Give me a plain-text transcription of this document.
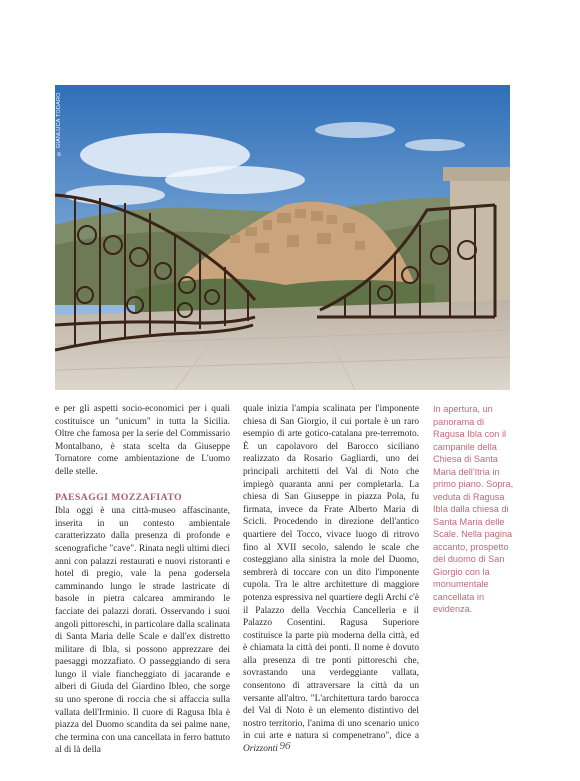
© GIANLUCA TODARO

e per gli aspetti socio-economici per i quali costituisce un "unicum" in tutta la Sicilia. Oltre che famosa per la serie del Commissario Montalbano, è stata scelta da Giuseppe Tornatore come ambientazione de L'uomo delle stelle.

PAESAGGI MOZZAFIATO

Ibla oggi è una città-museo affascinante, inserita in un contesto ambientale caratterizzato dalla presenza di profonde e scenografiche "cave". Rinata negli ultimi dieci anni con palazzi restaurati e nuovi ristoranti e hotel di pregio, vale la pena godersela camminando lungo le strade lastricate di basole in pietra calcarea ammirando le facciate dei palazzi dorati. Osservando i suoi angoli pittoreschi, in particolare dalla scalinata di Santa Maria delle Scale e dall'ex distretto militare di Ibla, si possono apprezzare dei paesaggi mozzafiato. O passeggiando di sera lungo il viale fiancheggiato di jacarande e alberi di Giuda del Giardino Ibleo, che sorge su uno sperone di roccia che si affaccia sulla vallata dell'Irminio. Il cuore di Ragusa Ibla è piazza del Duomo scandita da sei palme nane, che termina con una cancellata in ferro battuto al di là della

quale inizia l'ampia scalinata per l'imponente chiesa di San Giorgio, il cui portale è un raro esempio di arte gotico-catalana pre-terremoto. È un capolavoro del Barocco siciliano realizzato da Rosario Gagliardi, uno dei principali architetti del Val di Noto che impiegò quaranta anni per completarla. La chiesa di San Giuseppe in piazza Pola, fu firmata, invece da Frate Alberto Maria di Scicli. Procedendo in direzione dell'antico quartiere del Tocco, vivace luogo di ritrovo fino al XVII secolo, salendo le scale che costeggiano alla sinistra la mole del Duomo, sembrerà di toccare con un dito l'imponente cupola. Tra le altre architetture di maggiore potenza espressiva nel quartiere degli Archi c'è il Palazzo della Vecchia Cancelleria e il Palazzo Cosentini. Ragusa Superiore costituisce la parte più moderna della città, ed è chiamata la città dei ponti. Il nome è dovuto alla presenza di tre ponti pittoreschi che, sovrastando una verdeggiante vallata, consentono di attraversare la città da un versante all'altro. "L'architettura tardo barocca del Val di Noto è un elemento distintivo del nostro territorio, l'anima di uno scenario unico in cui arte e natura si compenetrano", dice a Orizzonti

In apertura, un panorama di Ragusa Ibla con il campanile della Chiesa di Santa Maria dell'Itria in primo piano. Sopra, veduta di Ragusa Ibla dalla chiesa di Santa Maria delle Scale. Nella pagina accanto, prospetto del duomo di San Giorgio con la monumentale cancellata in evidenza.
96
